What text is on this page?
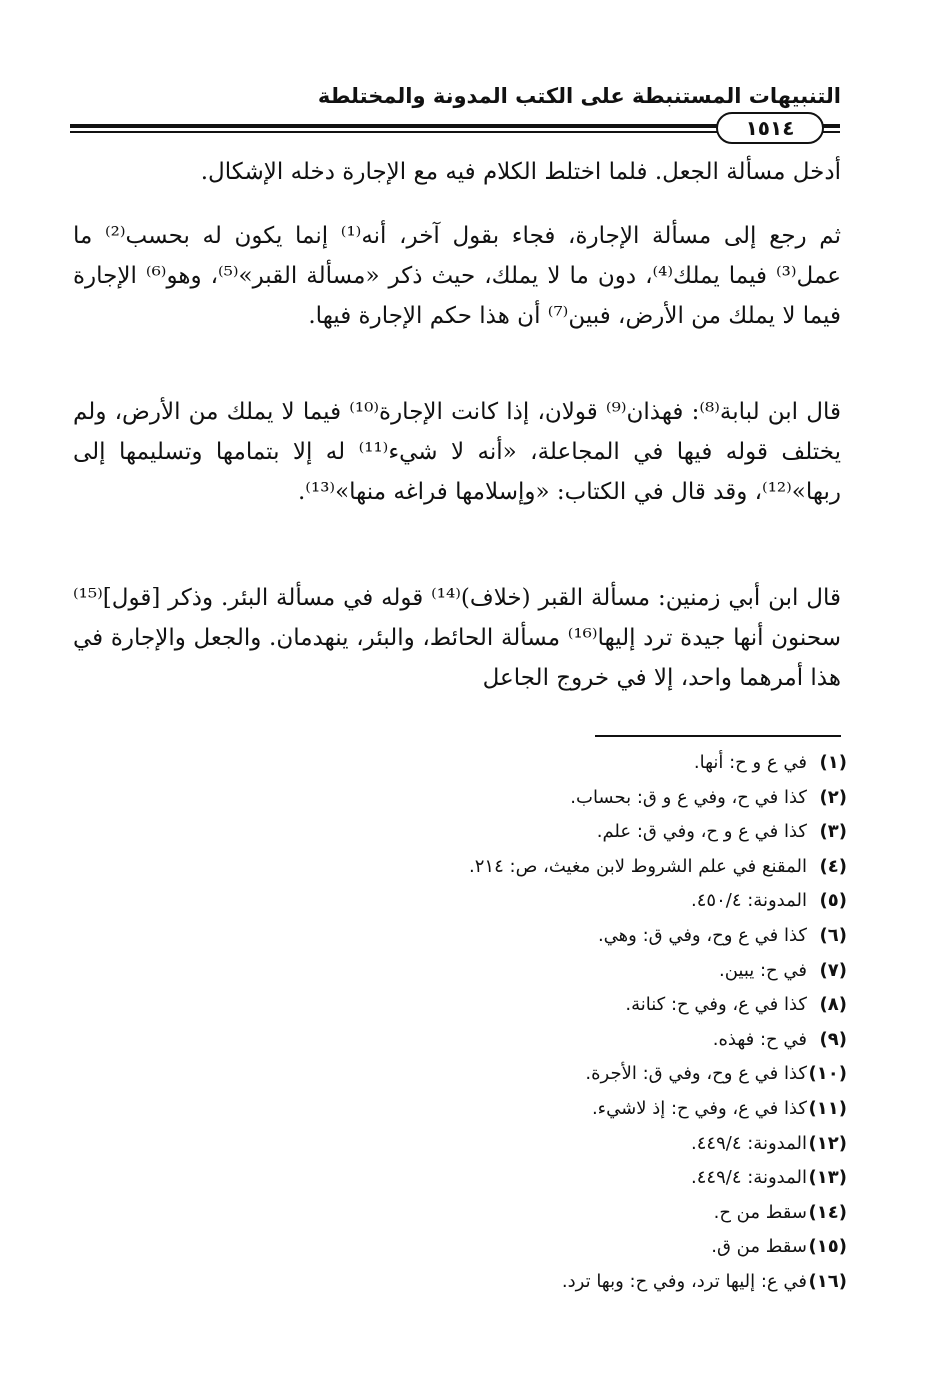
التنبيهات المستنبطة على الكتب المدونة والمختلطة
١٥١٤
أدخل مسألة الجعل. فلما اختلط الكلام فيه مع الإجارة دخله الإشكال.
ثم رجع إلى مسألة الإجارة، فجاء بقول آخر، أنه⁽¹⁾ إنما يكون له بحسب⁽²⁾ ما عمل⁽³⁾ فيما يملك⁽⁴⁾، دون ما لا يملك، حيث ذكر «مسألة القبر»⁽⁵⁾، وهو⁽⁶⁾ الإجارة فيما لا يملك من الأرض، فبين⁽⁷⁾ أن هذا حكم الإجارة فيها.
قال ابن لبابة⁽⁸⁾: فهذان⁽⁹⁾ قولان، إذا كانت الإجارة⁽¹⁰⁾ فيما لا يملك من الأرض، ولم يختلف قوله فيها في المجاعلة، «أنه لا شيء⁽¹¹⁾ له إلا بتمامها وتسليمها إلى ربها»⁽¹²⁾، وقد قال في الكتاب: «وإسلامها فراغه منها»⁽¹³⁾.
قال ابن أبي زمنين: مسألة القبر (خلاف)⁽¹⁴⁾ قوله في مسألة البئر. وذكر [قول]⁽¹⁵⁾ سحنون أنها جيدة ترد إليها⁽¹⁶⁾ مسألة الحائط، والبئر، ينهدمان. والجعل والإجارة في هذا أمرهما واحد، إلا في خروج الجاعل
(١)في ع و ح: أنها.
(٢)كذا في ح، وفي ع و ق: بحساب.
(٣)كذا في ع و ح، وفي ق: علم.
(٤)المقنع في علم الشروط لابن مغيث، ص: ٢١٤.
(٥)المدونة: ٤٥٠/٤.
(٦)كذا في ع وح، وفي ق: وهي.
(٧)في ح: يبين.
(٨)كذا في ع، وفي ح: كنانة.
(٩)في ح: فهذه.
(١٠)كذا في ع وح، وفي ق: الأجرة.
(١١)كذا في ع، وفي ح: إذ لاشيء.
(١٢)المدونة: ٤٤٩/٤.
(١٣)المدونة: ٤٤٩/٤.
(١٤)سقط من ح.
(١٥)سقط من ق.
(١٦)في ع: إليها ترد، وفي ح: وبها ترد.
